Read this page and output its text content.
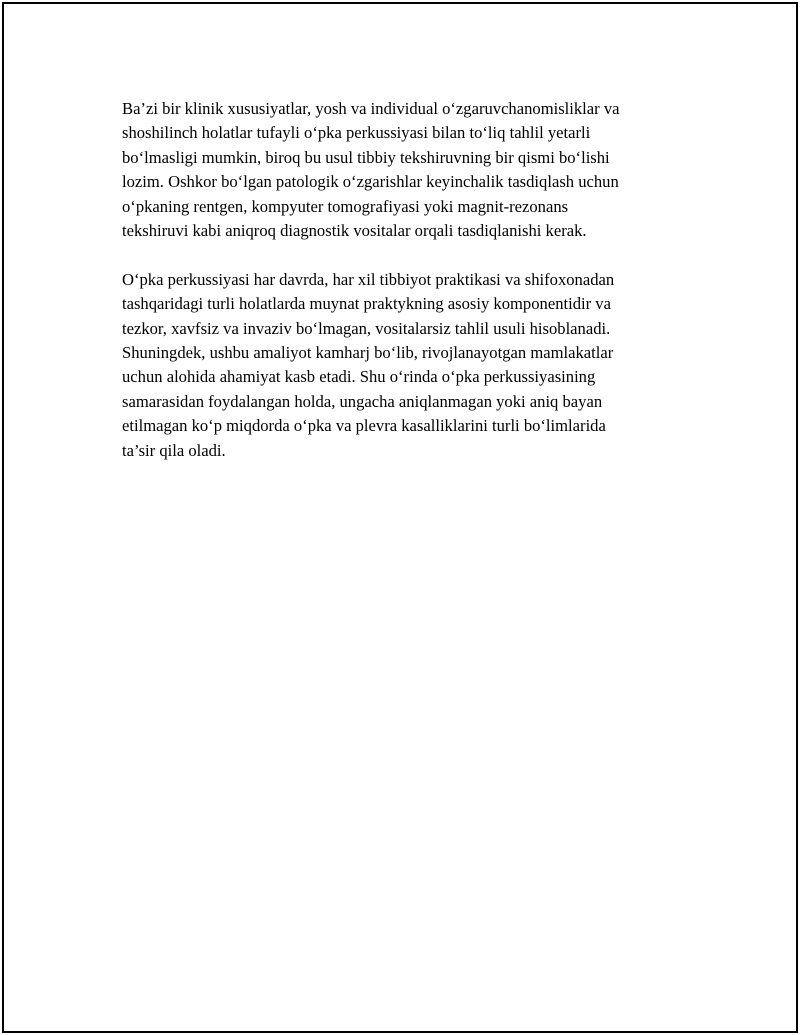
Ba’zi bir klinik xususiyatlar, yosh va individual o‘zgaruvchanomisliklar va
shoshilinch holatlar tufayli o‘pka perkussiyasi bilan to‘liq tahlil yetarli
bo‘lmasligi mumkin, biroq bu usul tibbiy tekshiruvning bir qismi bo‘lishi
lozim. Oshkor bo‘lgan patologik o‘zgarishlar keyinchalik tasdiqlash uchun
o‘pkaning rentgen, kompyuter tomografiyasi yoki magnit-rezonans
tekshiruvi kabi aniqroq diagnostik vositalar orqali tasdiqlanishi kerak.
O‘pka perkussiyasi har davrda, har xil tibbiyot praktikasi va shifoxonadan
tashqaridagi turli holatlarda muynat praktykning asosiy komponentidir va
tezkor, xavfsiz va invaziv bo‘lmagan, vositalarsiz tahlil usuli hisoblanadi.
Shuningdek, ushbu amaliyot kamharj bo‘lib, rivojlanayotgan mamlakatlar
uchun alohida ahamiyat kasb etadi. Shu o‘rinda o‘pka perkussiyasining
samarasidan foydalangan holda, ungacha aniqlanmagan yoki aniq bayan
etilmagan ko‘p miqdorda o‘pka va plevra kasalliklarini turli bo‘limlarida
ta’sir qila oladi.
